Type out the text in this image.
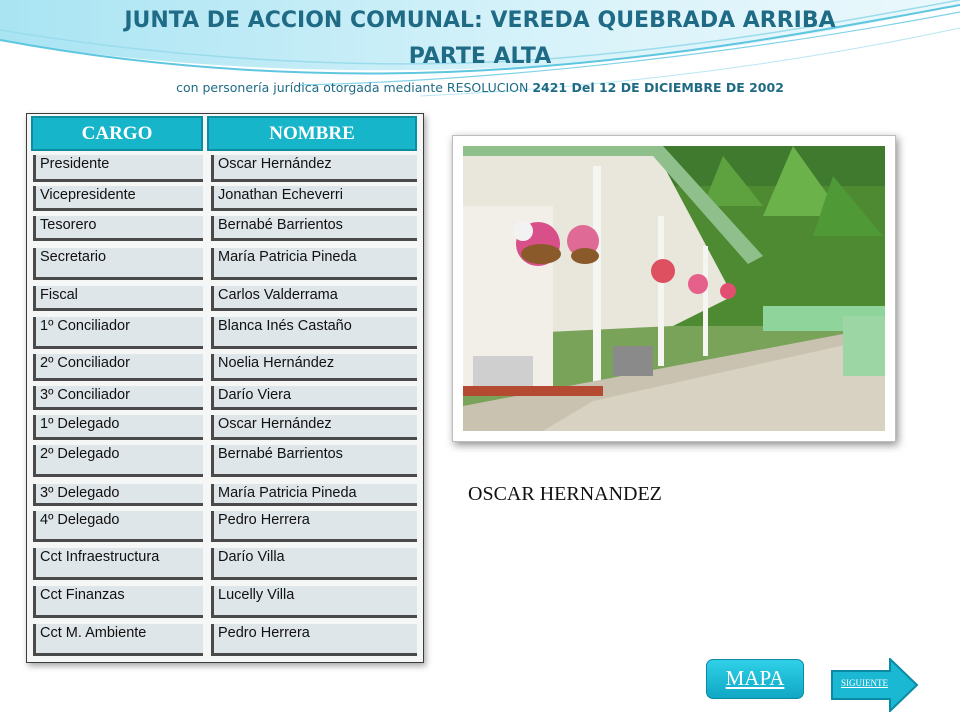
JUNTA DE ACCION COMUNAL: VEREDA QUEBRADA ARRIBA
PARTE ALTA
con personería jurídica otorgada mediante RESOLUCION 2421 Del 12 DE DICIEMBRE DE 2002
CARGO	NOMBRE
Presidente	Oscar Hernández
Vicepresidente	Jonathan Echeverri
Tesorero	Bernabé Barrientos
Secretario	María Patricia Pineda
Fiscal	Carlos Valderrama
1º Conciliador	Blanca Inés Castaño
2º Conciliador	Noelia Hernández
3º Conciliador	Darío Viera
1º Delegado	Oscar Hernández
2º Delegado	Bernabé Barrientos
3º Delegado	María Patricia Pineda
4º Delegado	Pedro Herrera
Cct Infraestructura	Darío Villa
Cct Finanzas	Lucelly Villa
Cct M. Ambiente	Pedro Herrera
OSCAR HERNANDEZ
MAPA	SIGUIENTE
